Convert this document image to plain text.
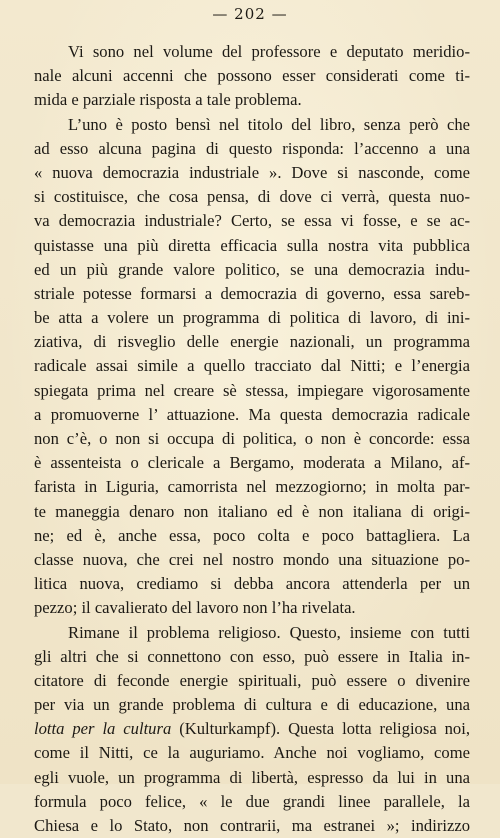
— 202 —
Vi sono nel volume del professore e deputato meridio-
nale alcuni accenni che possono esser considerati come ti-
mida e parziale risposta a tale problema.
L’uno è posto bensì nel titolo del libro, senza però che
ad esso alcuna pagina di questo risponda: l’accenno a una
« nuova democrazia industriale ». Dove si nasconde, come
si costituisce, che cosa pensa, di dove ci verrà, questa nuo-
va democrazia industriale? Certo, se essa vi fosse, e se ac-
quistasse una più diretta efficacia sulla nostra vita pubblica
ed un più grande valore politico, se una democrazia indu-
striale potesse formarsi a democrazia di governo, essa sareb-
be atta a volere un programma di politica di lavoro, di ini-
ziativa, di risveglio delle energie nazionali, un programma
radicale assai simile a quello tracciato dal Nitti; e l’energia
spiegata prima nel creare sè stessa, impiegare vigorosamente
a promuoverne l’ attuazione. Ma questa democrazia radicale
non c’è, o non si occupa di politica, o non è concorde: essa
è assenteista o clericale a Bergamo, moderata a Milano, af-
farista in Liguria, camorrista nel mezzogiorno; in molta par-
te maneggia denaro non italiano ed è non italiana di origi-
ne; ed è, anche essa, poco colta e poco battagliera. La
classe nuova, che crei nel nostro mondo una situazione po-
litica nuova, crediamo si debba ancora attenderla per un
pezzo; il cavalierato del lavoro non l’ha rivelata.
Rimane il problema religioso. Questo, insieme con tutti
gli altri che si connettono con esso, può essere in Italia in-
citatore di feconde energie spirituali, può essere o divenire
per via un grande problema di cultura e di educazione, una
lotta per la cultura (Kulturkampf). Questa lotta religiosa noi,
come il Nitti, ce la auguriamo. Anche noi vogliamo, come
egli vuole, un programma di libertà, espresso da lui in una
formula poco felice, « le due grandi linee parallele, la
Chiesa e lo Stato, non contrarii, ma estranei »; indirizzo
